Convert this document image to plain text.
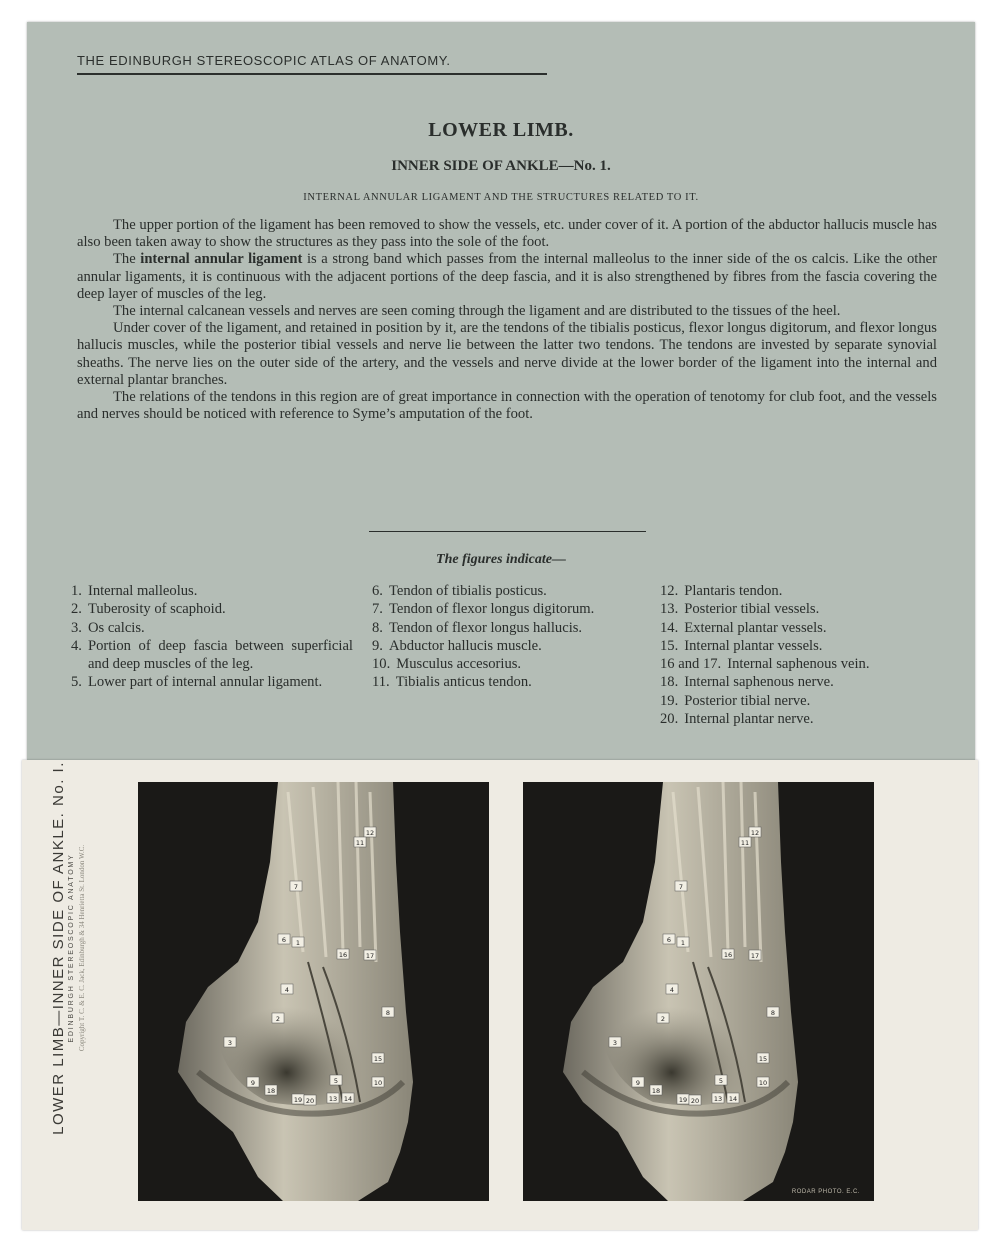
THE EDINBURGH STEREOSCOPIC ATLAS OF ANATOMY.
LOWER LIMB.
INNER SIDE OF ANKLE—No. 1.
INTERNAL ANNULAR LIGAMENT AND THE STRUCTURES RELATED TO IT.

The upper portion of the ligament has been removed to show the vessels, etc. under cover of it. A portion of the abductor hallucis muscle has also been taken away to show the structures as they pass into the sole of the foot.

The internal annular ligament is a strong band which passes from the internal malleolus to the inner side of the os calcis. Like the other annular ligaments, it is continuous with the adjacent portions of the deep fascia, and it is also strengthened by fibres from the fascia covering the deep layer of muscles of the leg.

The internal calcanean vessels and nerves are seen coming through the ligament and are distributed to the tissues of the heel.

Under cover of the ligament, and retained in position by it, are the tendons of the tibialis posticus, flexor longus digitorum, and flexor longus hallucis muscles, while the posterior tibial vessels and nerve lie between the latter two tendons. The tendons are invested by separate synovial sheaths. The nerve lies on the outer side of the artery, and the vessels and nerve divide at the lower border of the ligament into the internal and external plantar branches.

The relations of the tendons in this region are of great importance in connection with the operation of tenotomy for club foot, and the vessels and nerves should be noticed with reference to Syme’s amputation of the foot.

The figures indicate—
1. Internal malleolus.
2. Tuberosity of scaphoid.
3. Os calcis.
4. Portion of deep fascia between superficial and deep muscles of the leg.
5. Lower part of internal annular ligament.
6. Tendon of tibialis posticus.
7. Tendon of flexor longus digitorum.
8. Tendon of flexor longus hallucis.
9. Abductor hallucis muscle.
10. Musculus accesorius.
11. Tibialis anticus tendon.
12. Plantaris tendon.
13. Posterior tibial vessels.
14. External plantar vessels.
15. Internal plantar vessels.
16 and 17. Internal saphenous vein.
18. Internal saphenous nerve.
19. Posterior tibial nerve.
20. Internal plantar nerve.
LOWER LIMB—INNER SIDE OF ANKLE. No. I. EDINBURGH STEREOSCOPIC ANATOMY Copyright T. C. & E. C. Jack, Edinburgh & 34 Henrietta St. London W.C.
12
11
7
6 1
16	17
4
2
8
3
9	10
18
19 20 13 14
15
5
12
11
7
6 1
16	17
4
2
8
3
9	10
18
19 20 13 14
15
5
RODAR PHOTO. E.C.
